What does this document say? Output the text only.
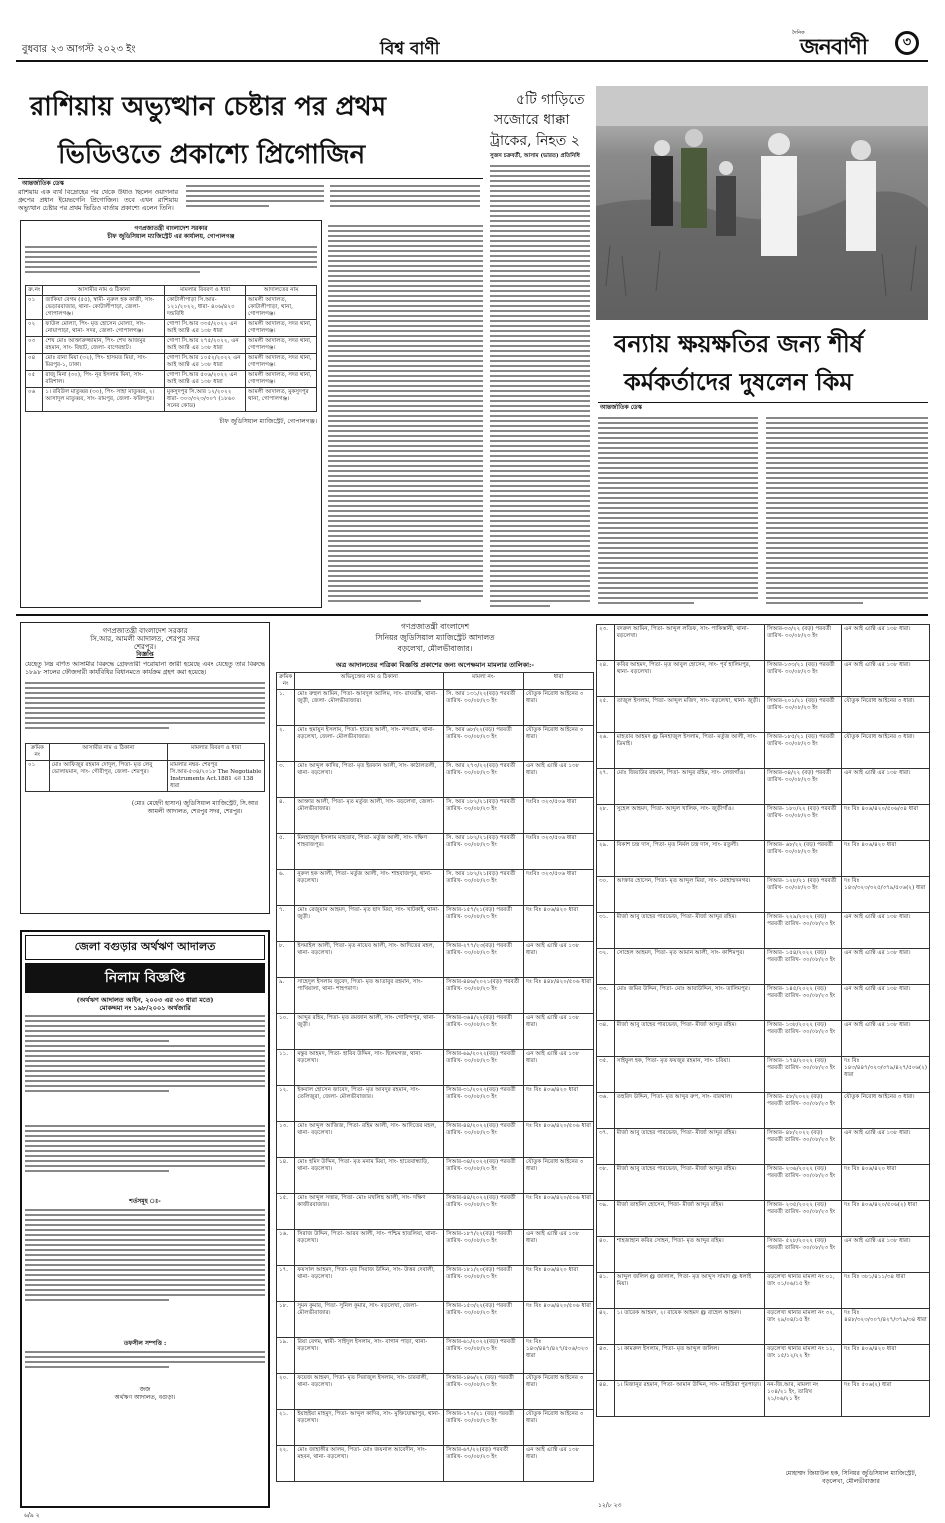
বুধবার ২৩ আগস্ট ২০২৩ ইং	বিশ্ব বাণী
দৈনিক
জনবাণী	৩
রাশিয়ায় অভ্যুত্থান চেষ্টার পর প্রথম
ভিডিওতে প্রকাশ্যে প্রিগোজিন
আন্তর্জাতিক ডেস্ক
রাশিয়ায় এক ব্যর্থ বিদ্রোহের পর থেকে উধাও ছিলেন ওয়াগনার গ্রুপের প্রধান ইয়েভগেনি প্রিগোজিন। তবে এখন রাশিয়ায় অভ্যুত্থান চেষ্টার পর প্রথম ভিডিও বার্তায় প্রকাশ্যে এলেন তিনি।
গণপ্রজাতন্ত্রী বাংলাদেশ সরকার
চীফ জুডিসিয়াল ম্যাজিস্ট্রেট এর কার্যালয়, গোপালগঞ্জ
ক্র.নং	আসামীর নাম ও ঠিকানা	মামলার বিবরণ ও ধারা	আদালতের নাম
০১	জাকিয়া বেগম (৫৫), স্বামী- নূরুল হক কাজী, সাং- ভেড়ারবাজার, থানা- কোটালীপাড়া, জেলা- গোপালগঞ্জ।	কোটালীপাড়া সি.আর- ১২১/২০২২, ধারা- ৪০৬/৪২০ দন্ডবিধি	আমলী আদালত, কোটালীপাড়া, থানা, গোপালগঞ্জ।
০২	ফাউল মোল্যা, পিং- মৃত হোসেন মোল্যা, সাং- নোয়াপাড়া, থানা- সদর, জেলা- গোপালগঞ্জ।	গোপা সি.আর ৩৩৫/২০২২ এন আই অ্যাক্ট এর ১৩৮ ধারা	আমলী আদালত, সদর থানা, গোপালগঞ্জ।
০৩	শেখ মোঃ আক্তারুজ্জামান, পিং- শেখ আজমুর রহমান, সাং- বিছাট, জেলা- বাগেরহাট।	গোপা সি.আর ২৭৫/২০২২, এন আই অ্যাক্ট এর ১৩৮ ধারা	আমলী আদালত, সদর থানা, গোপালগঞ্জ।
০৪	মোঃ রানা মিয়া (৩২), পিং- হাসমত মিয়া, সাং- মিরপুর-১, ঢাকা।	গোপা সি.আর ১০৫২/২০২২ এন আই অ্যাক্ট এর ১৩৮ ধারা	আমলী আদালত, সদর থানা, গোপালগঞ্জ।
০৫	রাজু মিনা (৩০), পিং- নূর ইসলাম মিনা, সাং- বরিশাল।	গোপা সি.আর ৫০৬/২০২২ এন আই অ্যাক্ট এর ১৩৮ ধারা	আমলী আদালত, সদর থানা, গোপালগঞ্জ।
০৬	১। রবিউল মাতুব্বর (৩০), পিং- সাহা মাতুব্বর, ২। আসাদুল মাতুব্বর, সাং- রামপুর, জেলা- ফরিদপুর।	মুকসুদপুর সি.আর ১২/২০২২ ধারা- ৩০৩/৩২৩/৩০৭ (১৮৬০ সনের কোড)	আমলী আদালত, মুকসুদপুর থানা, গোপালগঞ্জ।
চীফ জুডিসিয়াল ম্যাজিস্ট্রেট, গোপালগঞ্জ।
৫টি গাড়িতে
সজোরে ধাক্কা
ট্রাকের, নিহত ২
সুজন চক্রবর্তী, আসাম (ভারত) প্রতিনিধি
বন্যায় ক্ষয়ক্ষতির জন্য শীর্ষ
কর্মকর্তাদের দুষলেন কিম
আন্তর্জাতিক ডেস্ক
গণপ্রজাতন্ত্রী বাংলাদেশ সরকার
সি.আর, আমলী আদালত, শেরপুর সদর
শেরপুর।
বিজ্ঞপ্তি
যেহেতু নিম্ন বর্ণিত আসামীর বিরুদ্ধে গ্রেফতারী পরোয়ানা জারী হয়েছে এবং যেহেতু তার বিরুদ্ধে ১৮৯৮ সালের ফৌজদারী কার্যবিধির বিধানমতে কার্যক্রম গ্রহণ করা হয়েছে।
ক্রমিক নং	আসামীর নাম ও ঠিকানা	মামলার বিবরণ ও ধারা
০১	মোঃ আফিজুর রহমান দোদুল, পিতা- মৃত লেবু ভোলায়মান, সাং- গৌরীপুর, জেলা- শেরপুর।	মামলার নম্বর- শেরপুর সি.আর-৫৩৪/২০১৮ The Negotiable Instruments Act.1881 এর 138 ধারা
(মোঃ মেহেদী হাসান) জুডিসিয়াল ম্যাজিস্ট্রেট, সি.আর আমলী আদালত, শেরপুর সদর, শেরপুর।
জেলা বগুড়ার অর্থঋণ আদালত
নিলাম বিজ্ঞপ্তি
(অর্থঋণ আদালত আইন, ২০০৩ এর ৩৩ ধারা মতে)
মোকদ্দমা নং ১৯৮/২০০১ অর্থজারি
শর্তসমূহ ঃ-
তফসীল সম্পত্তি :
জজ
অর্থঋণ আদালত, বগুড়া।
৬/৯ ২
গণপ্রজাতন্ত্রী বাংলাদেশ
সিনিয়র জুডিসিয়াল ম্যাজিস্ট্রেট আদালত
বড়লেখা, মৌলভীবাজার।
অত্র আদালতের পত্রিকা বিজ্ঞপ্তি প্রকাশের জন্য অপেক্ষমান মামলার তালিকা:-
ক্রমিক নং	অভিযুক্তের নাম ও ঠিকানা	মামলা নং-	ধারা
১.	মোঃ রুহুল আমিন, পিতা- আবদুল আলিম, সাং- রাঘবস্তি, থানা- জুড়ী, জেলা- মৌলভীবাজার।	সি. আর ১৩১/২২(বড়) পরবর্তী তারিখ- ৩০/০৮/২৩ ইং	যৌতুক নিরোধ আইনের ৩ ধারা।
২.	মোঃ হুমায়ুন ইসলাম, পিতা- হারেছ আলী, সাং- নন্দগ্রাম, থানা- বড়লেখা, জেলা- মৌলভীবাজার।	সি. আর ৬৮/২২(বড়) পরবর্তী তারিখ- ৩০/০৮/২৩ ইং	যৌতুক নিরোধ আইনের ৩ ধারা।
৩.	মোঃ আব্দুল কাদির, পিতা- মৃত ইরফান আলী, সাং- কাঠালতলী, থানা- বড়লেখা।	সি. আর ২৭৩/২২(বড়) পরবর্তী তারিখ- ৩০/০৮/২৩ ইং	এন আই এ্যাক্ট এর ১৩৮ ধারা।
৪.	আক্তার আলী, পিতা- মৃত মর্তুজ আলী, সাং- বড়লেখা, জেলা- মৌলভীবাজার।	সি. আর ১৮২/২১(বড়) পরবর্তী তারিখ- ৩০/০৮/২৩ ইং	দঃবিঃ ৩২৩/৫০৬ ধারা
৫.	মিনহাজুল ইসলাম মাহতাব, পিতা- মর্তুজ আলী, সাং- দক্ষিণ শাহবাজপুর।	সি. আর ১৮২/২১(বড়) পরবর্তী তারিখ- ৩০/০৮/২৩ ইং	দঃবিঃ ৩২৩/৫০৬ ধারা
৬.	নুরুল হক আলী, পিতা- মর্তুজ আলী, সাং- শাহবাজপুর, থানা- বড়লেখা।	সি. আর ১৮২/২১(বড়) পরবর্তী তারিখ- ৩০/০৮/২৩ ইং	দঃবিঃ ৩২৩/৫০৬ ধারা
৭.	মোঃ রেজুয়ান আহমদ, পিতা- মৃত ছাদ মিয়া, সাং- খাটকাই, থানা- জুড়ী।	সিআর-১৫৭/২১(বড়) পরবর্তী তারিখ- ৩০/০৮/২৩ ইং	দঃ বিঃ ৪০৬/৪২০ ধারা
৮.	ইসমাইল আলী, পিতা- মৃত নায়েব আলী, সাং- আদিতের মহল, থানা- বড়লেখা।	সিআর-২৭৭/২৩(বড়) পরবর্তী তারিখ- ৩০/০৮/২৩ ইং	এন আই এ্যাক্ট এর ১৩৮ ধারা।
৯.	সাহেদুল ইসলাম জুবেদ, পিতা- মৃত আতাবুর রহমান, সাং- পাখিয়ালা, থানা- শাহপরাণ।	সিআর-৪৪৬/২০২১(বড়) পরবর্তী তারিখ- ৩০/০৮/২৩ ইং	দঃ বিঃ ৪৪৮/৪২০/৫০৬ ধারা
১০.	আব্দুর রহিম, পিতা- মৃত রমজান আলী, সাং- গোবিন্দপুর, থানা- জুড়ী।	সিআর-৩৬৪/২২(বড়) পরবর্তী তারিখ- ৩০/০৮/২৩ ইং	এন আই এ্যাক্ট এর ১৩৮ ধারা।
১১.	মন্তুর আহমদ, পিতা- হাবিব উদ্দিন, সাং- ছিলমগজ, থানা- বড়লেখা।	সিআর-৬৯/২০২২(বড়) পরবর্তী তারিখ- ৩০/০৮/২৩ ইং	এন আই এ্যাক্ট এর ১৩৮ ধারা।
১২.	ইকবাল হোসেন জাবেদ, পিতা- মৃত আবদুর রহমান, সাং- তেলিজুরা, জেলা- মৌলভীবাজার।	সিআর-৩১/২০২২(বড়) পরবর্তী তারিখ- ৩০/০৮/২৩ ইং	দঃ বিঃ ৪০৬/৪২০ ধারা
১৩.	মোঃ আব্দুল আজিজ, পিতা- রহিম আলী, সাং- আদিতের মহল, থানা- বড়লেখা।	সিআর-৪৪/২০২২(বড়) পরবর্তী তারিখ- ৩০/০৮/২৩ ইং	দঃ বিঃ ৪০৬/৪২০/৫০৬ ধারা
১৪.	মোঃ হমিদ উদ্দিন, পিতা- মৃত মনাম মিয়া, সাং- হাতেবান্ধাড়ি, থানা- বড়লেখা।	সিআর-৩৪/২০২২(বড়) পরবর্তী তারিখ- ৩০/০৮/২৩ ইং	যৌতুক নিরোধ আইনের ৩ ধারা।
১৫.	মোঃ আব্দুল সত্তার, পিতা- মোঃ মখলিছ আলী, সাং- দক্ষিণ কাজীরবাজার।	সিআর-৪৪/২০২২(বড়) পরবর্তী তারিখ- ৩০/০৮/২৩ ইং	দঃ বিঃ ৪০৬/৪২০/৫০৬ ধারা
১৬.	সিরাজ উদ্দিন, পিতা- আরব আলী, সাং- পশ্চিম হাতলিয়া, থানা- বড়লেখা।	সিআর-১৮৭/২২(বড়) পরবর্তী তারিখ- ৩০/০৮/২৩ ইং	এন আই এ্যাক্ট এর ১৩৮ ধারা।
১৭.	ফয়সাল আহমদ, পিতা- মৃত সিরাজ উদ্দিন, সাং- উত্তর দেবালী, থানা- বড়লেখা।	সিআর-১৮১/২০(বড়) পরবর্তী তারিখ- ৩০/০৮/২৩ ইং	দঃ বিঃ ৪০৬/৪২০ ধারা
১৮.	সুমন কুমার, পিতা- সুনিল কুমার, সাং- বড়লেখা, জেলা- মৌলভীবাজার।	সিআর-১৫৩/২২(বড়) পরবর্তী তারিখ- ৩০/০৮/২৩ ইং	দঃ বিঃ ৪০৬/৪২০/৫০৬ ধারা
১৯.	রিয়া বেগম, স্বামী- সাইদুল ইসলাম, সাং- বাগান পাড়া, থানা- বড়লেখা।	সিআর-৬১/২০২২(বড়) পরবর্তী তারিখ- ৩০/০৮/২৩ ইং	দঃ বিঃ ১৪৩/৪৪৭/৪২৭/৫০৬/৩২৩ ধারা
২০.	ফয়েজ আহমদ, পিতা- মৃত সিরাজুল ইসলাম, সাং- চারবালী, থানা- বড়লেখা।	সিআর-১৪৬/২২ (বড়) পরবর্তী তারিখ- ৩০/০৮/২৩ ইং	যৌতুক নিরোধ আইনের ৩ ধারা।
২১.	ইয়াহইয়া মাহমুদ, পিতা- আব্দুল কাদির, সাং- মুক্তিযোদ্ধাপুর, থানা- বড়লেখা।	সিআর-১৭০/২১ (বড়) পরবর্তী তারিখ- ৩০/০৮/২৩ ইং	যৌতুক নিরোধ আইনের ৩ ধারা।
২২.	মোঃ জাহাঙ্গীর আলম, পিতা- মোঃ জয়নাল আবেদীন, সাং- মহবন, থানা- বড়লেখা।	সিআর-৬৭/২২(বড়) পরবর্তী তারিখ- ৩০/০৮/২৩ ইং	এন আই এ্যাক্ট এর ১৩৮ ধারা।
২৩.	বদরুল আমিন, পিতা- আব্দুল লতিফ, সাং- পাকিস্তানী, থানা- বড়লেখা।	সিআর-৩৩/২২ (বড়) পরবর্তী তারিখ- ৩০/০৮/২৩ ইং	এন আই এ্যাক্ট এর ১৩৮ ধারা।
২৪.	কবির আহমদ, পিতা- মৃত আবুল হোসেন, সাং- পূর্ব হালিমপুর, থানা- বড়লেখা।	সিআর-১৩৩/২১ (বড়) পরবর্তী তারিখ- ৩০/০৮/২৩ ইং	এন আই এ্যাক্ট এর ১৩৮ ধারা।
২৫.	তাজুল ইসলাম, পিতা- আব্দুল মজিদ, সাং- বড়লেখা, থানা- জুড়ী।	সিআর-২০১/২১ (বড়) পরবর্তী তারিখ- ৩০/০৮/২৩ ইং	যৌতুক নিরোধ আইনের ৩ ধারা।
২৬.	মাহতাব আহমদ @ মিনহাজুল ইসলাম, পিতা- মর্তুজ আলী, সাং- ডিমাই।	সিআর-১৮৫/২১ (বড়) পরবর্তী তারিখ- ৩০/০৮/২৩ ইং	যৌতুক নিরোধ আইনের ৩ ধারা।
২৭.	মোঃ জিয়াউর রহমান, পিতা- আব্দুর রহিম, সাং- লেজগাঁও।	সিআর-৩৪/২২ (বড়) পরবর্তী তারিখ- ৩০/০৮/২৩ ইং	এন আই এ্যাক্ট এর ১৩৮ ধারা।
২৮.	সুহেল আহমদ, পিতা- আব্দুল খালিক, সাং- জুড়ীগাঁও।	সিআর- ১৮০/২২ (বড়) পরবর্তী তারিখ- ৩০/০৮/২৩ ইং	দঃ বিঃ ৪০৬/৪২০/৫০৬/৩৪ ধারা
২৯.	বিকাশ চন্দ্র দাস, পিতা- মৃত নির্মল চন্দ্র দাস, সাং- রতুলী।	সিআর- ৬৮/২২ (বড়) পরবর্তী তারিখ- ৩০/০৮/২৩ ইং	দঃ বিঃ ৪০৬/৪২০ ধারা
৩০.	আক্তার হোসেন, পিতা- মৃত আব্দুল মিয়া, সাং- মোহাম্মদনগর।	সিআর- ১২৮/২১ (বড়) পরবর্তী তারিখ- ৩০/০৮/২৩ ইং	দঃ বিঃ ১৪৩/৩২৩/৩২৫/৩৭৯/৫০৬(২) ধারা
৩১.	মীর্জা আবু তাহের পারভেজ, পিতা- মীর্জা আব্দুর রহিম।	সিআর- ২২৯/২০২২ (বড়) পরবর্তী তারিখ- ৩০/০৮/২৩ ইং	এন আই এ্যাক্ট এর ১৩৮ ধারা।
৩২.	সোহেল আহমদ, পিতা- মৃত আমান আলী, সাং- কাশিমপুর।	সিআর- ১৫৪/২০২২ (বড়) পরবর্তী তারিখ- ৩০/০৮/২৩ ইং	এন আই এ্যাক্ট এর ১৩৮ ধারা।
৩৩.	মোঃ জমির উদ্দিন, পিতা- মোঃ আবাউদ্দিন, সাং- তালিমপুর।	সিআর- ১৪৫/২০২২ (বড়) পরবর্তী তারিখ- ৩০/০৮/২৩ ইং	এন আই এ্যাক্ট এর ১৩৮ ধারা।
৩৪.	মীর্জা আবু তাহের পারভেজ, পিতা- মীর্জা আব্দুর রহিম।	সিআর- ১৩৮/২০২২ (বড়) পরবর্তী তারিখ- ৩০/০৮/২৩ ইং	এন আই এ্যাক্ট এর ১৩৮ ধারা।
৩৫.	সাইফুল হক, পিতা- মৃত ফয়জুর রহমান, সাং- চবিয়া।	সিআর- ১৭৪/২০২২ (বড়) পরবর্তী তারিখ- ৩০/০৮/২৩ ইং	দঃ বিঃ ১৪৩/৪৪৭/৩২৩/৩৭৯/৪২৭/৫০৬(২) ধারা
৩৬.	তহুরিদ উদ্দিন, পিতা- মৃত আব্দুর রুপ, সাং- বারথাল।	সিআর- ৫৮/২০২২ (বড়) পরবর্তী তারিখ- ৩০/০৮/২৩ ইং	যৌতুক নিরোধ আইনের ৩ ধারা।
৩৭.	মীর্জা আবু তাহের পারভেজ, পিতা- মীর্জা আব্দুর রহিম।	সিআর- ৪৮/২০২২ (বড়) পরবর্তী তারিখ- ৩০/০৮/২৩ ইং	এন আই এ্যাক্ট এর ১৩৮ ধারা।
৩৮.	মীর্জা আবু তাহের পারভেজ, পিতা- মীর্জা আব্দুর রহিম।	সিআর- ২৩৬/২০২২ (বড়) পরবর্তী তারিখ- ৩০/০৮/২৩ ইং	দঃ বিঃ ৪০৬/৪২০ ধারা
৩৯.	মীর্জা তাহমিদ হোসেন, পিতা- মীর্জা আব্দুর রহিম।	সিআর- ২৩৫/২০২২ (বড়) পরবর্তী তারিখ- ৩০/০৮/২৩ ইং	দঃ বিঃ ৪০৬/৪২০/৫০৬(২) ধারা
৪০.	শাহজাহান কবির সোহন, পিতা- মৃত আব্দুর রহিম।	সিআর- ৫২৮/২০২২ (বড়) পরবর্তী তারিখ- ৩০/০৮/২৩ ইং	এন আই এ্যাক্ট এর ১৩৮ ধারা।
৪১.	আব্দুল জলিল @ জালাল, পিতা- মৃত আব্দুস সামাদ @ ধলাই মিয়া।	বড়লেখা থানার মামলা নং ০১, তাং ০১/০৬/১৫ ইং	দঃ বিঃ ৩৮১/৪১১/৩৪ ধারা
৪২.	১। তারেক আহমদ, ২। রায়েক আহমদ @ রাহেল আহমদ।	বড়লেখা থানার মামলা নং ৩২, তাং ২৯/০৪/১৫ ইং	দঃ বিঃ ৪৪৮/৩২৩/৩০৭/৪২৭/৩৭৯/৩৪ ধারা
৪৩.	১। কামরুল ইসলাম, পিতা- মৃত আব্দুল জলিল।	বড়লেখা থানার মামলা নং ১১, তাং ১৫/১২/২২ ইং	দঃ বিঃ ৪০৬/৪২০ ধারা
৪৪.	১। মিজানুর রহমান, পিতা- আমান উদ্দিন, সাং- মাহিউরা পুরপাড়া।	নন-জি.আর, মামলা নং ১০৪/২১ ইং, তারিখ ২১/০৬/২১ ইং	দঃ বিঃ ৫০৬(২) ধারা
মোহাম্মদ জিয়াউল হক, সিনিয়র জুডিসিয়াল ম্যাজিস্ট্রেট, বড়লেখা, মৌলভীবাজার
১২/৮ ২৩
